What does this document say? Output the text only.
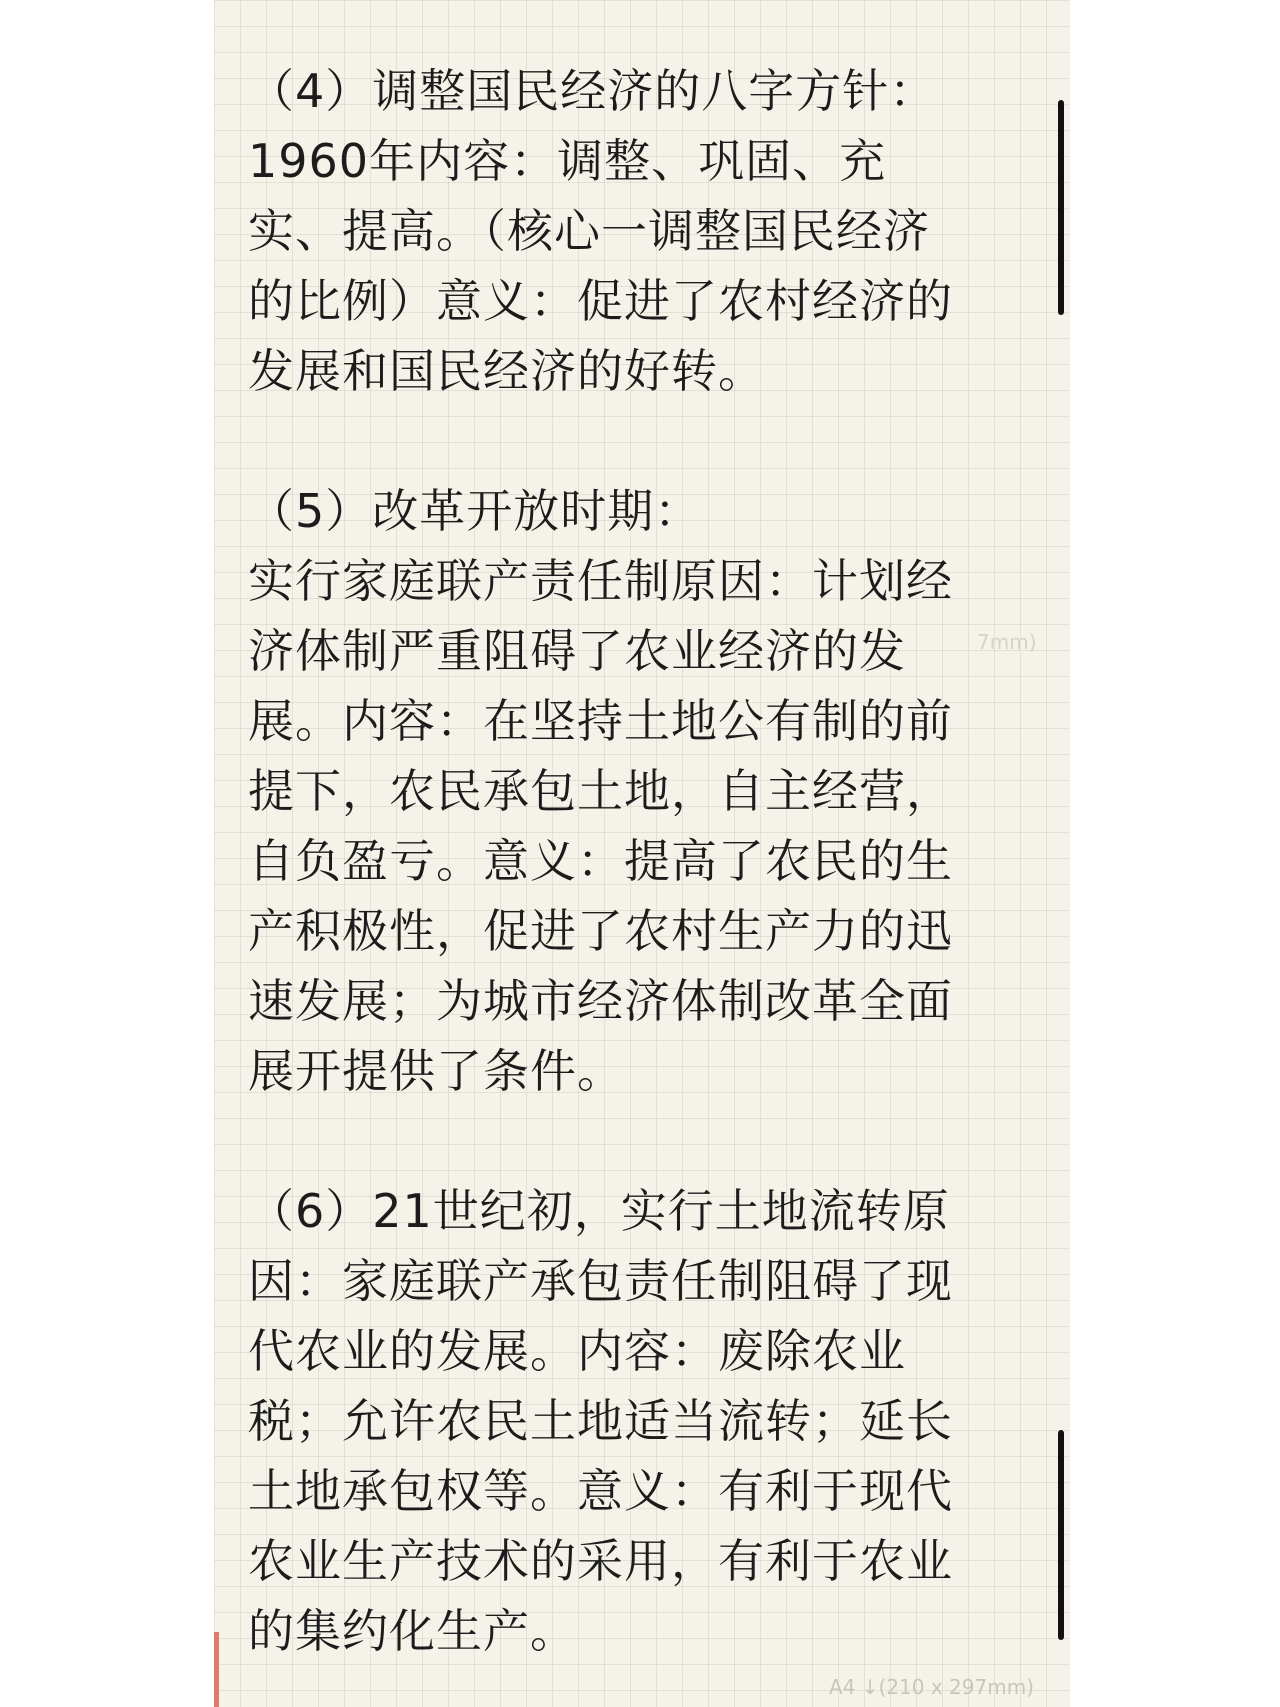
（4）调整国民经济的八字方针：
1960年内容：调整、巩固、充
实、提高。（核心一调整国民经济
的比例）意义：促进了农村经济的
发展和国民经济的好转。
（5）改革开放时期：
实行家庭联产责任制原因：计划经
济体制严重阻碍了农业经济的发
展。内容：在坚持土地公有制的前
提下，农民承包土地，自主经营，
自负盈亏。意义：提高了农民的生
产积极性，促进了农村生产力的迅
速发展；为城市经济体制改革全面
展开提供了条件。
（6）21世纪初，实行土地流转原
因：家庭联产承包责任制阻碍了现
代农业的发展。内容：废除农业
税；允许农民土地适当流转；延长
土地承包权等。意义：有利于现代
农业生产技术的采用，有利于农业
的集约化生产。
7mm)
A4 ↓(210 x 297mm)
